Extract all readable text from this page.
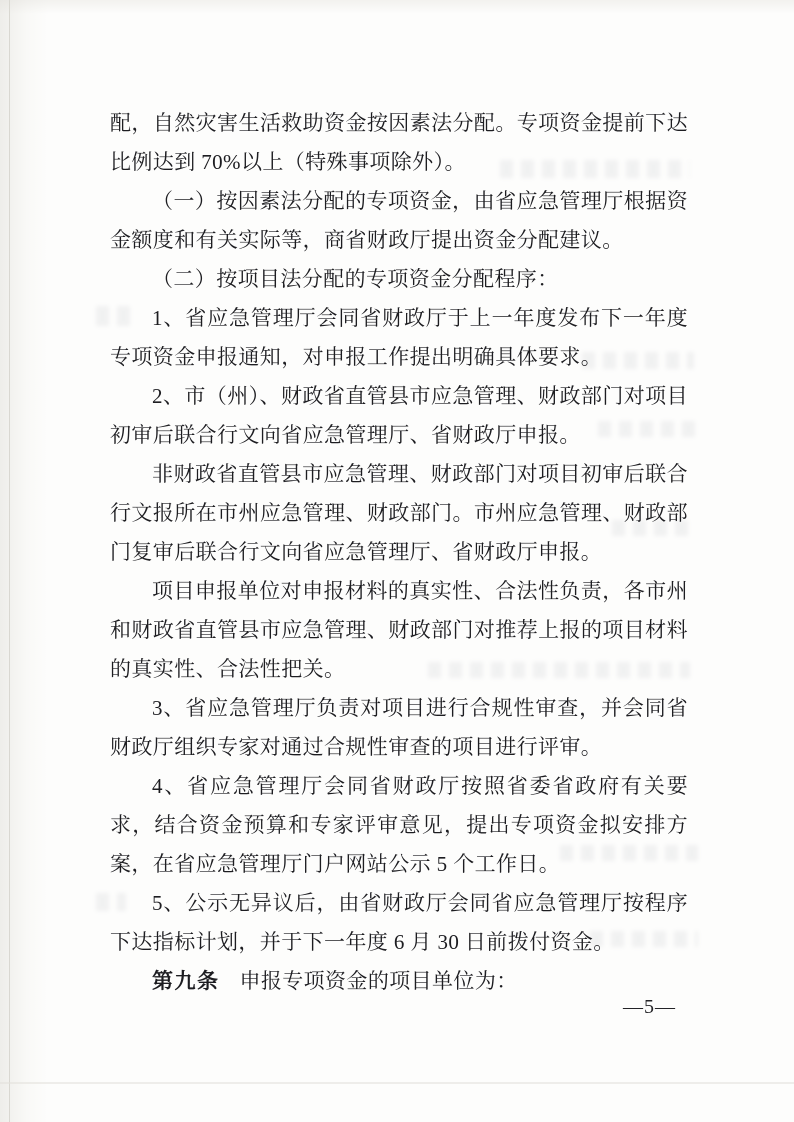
配，自然灾害生活救助资金按因素法分配。专项资金提前下达比例达到 70%以上（特殊事项除外）。

（一）按因素法分配的专项资金，由省应急管理厅根据资金额度和有关实际等，商省财政厅提出资金分配建议。

（二）按项目法分配的专项资金分配程序：

1、省应急管理厅会同省财政厅于上一年度发布下一年度专项资金申报通知，对申报工作提出明确具体要求。

2、市（州）、财政省直管县市应急管理、财政部门对项目初审后联合行文向省应急管理厅、省财政厅申报。

非财政省直管县市应急管理、财政部门对项目初审后联合行文报所在市州应急管理、财政部门。市州应急管理、财政部门复审后联合行文向省应急管理厅、省财政厅申报。

项目申报单位对申报材料的真实性、合法性负责，各市州和财政省直管县市应急管理、财政部门对推荐上报的项目材料的真实性、合法性把关。

3、省应急管理厅负责对项目进行合规性审查，并会同省财政厅组织专家对通过合规性审查的项目进行评审。

4、省应急管理厅会同省财政厅按照省委省政府有关要求，结合资金预算和专家评审意见，提出专项资金拟安排方案，在省应急管理厅门户网站公示 5 个工作日。

5、公示无异议后，由省财政厅会同省应急管理厅按程序下达指标计划，并于下一年度 6 月 30 日前拨付资金。

第九条 申报专项资金的项目单位为：

—5—
